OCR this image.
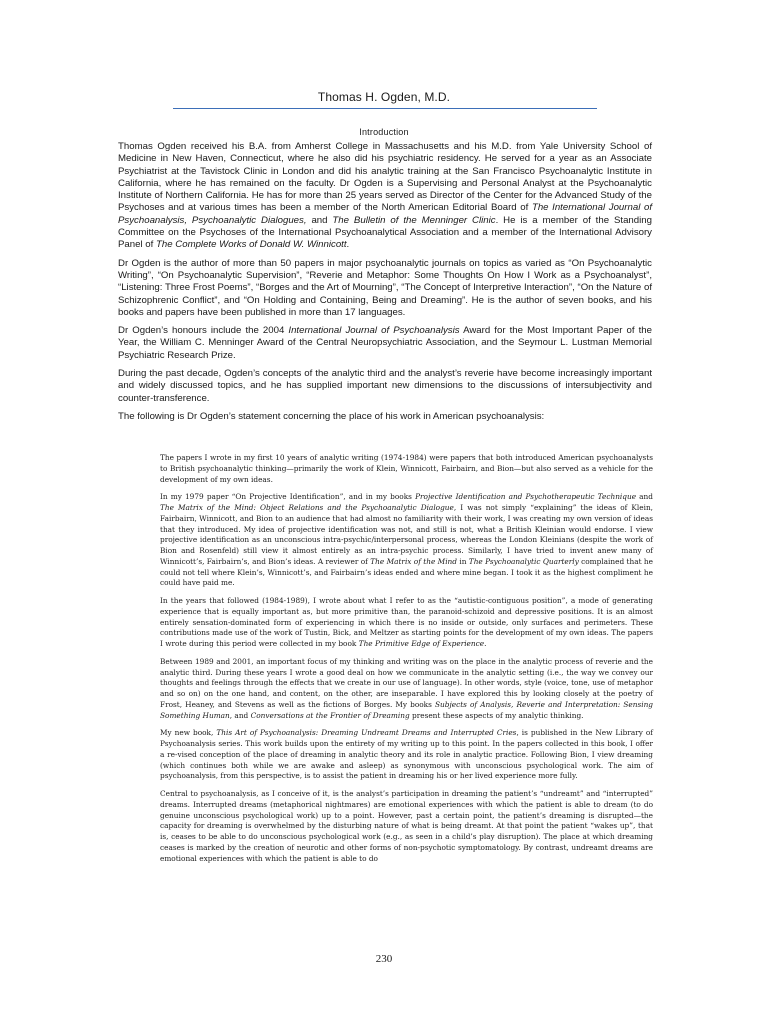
Thomas H. Ogden, M.D.
Introduction

Thomas Ogden received his B.A. from Amherst College in Massachusetts and his M.D. from Yale University School of Medicine in New Haven, Connecticut, where he also did his psychiatric residency. He served for a year as an Associate Psychiatrist at the Tavistock Clinic in London and did his analytic training at the San Francisco Psychoanalytic Institute in California, where he has remained on the faculty. Dr Ogden is a Supervising and Personal Analyst at the Psychoanalytic Institute of Northern California. He has for more than 25 years served as Director of the Center for the Advanced Study of the Psychoses and at various times has been a member of the North American Editorial Board of The International Journal of Psychoanalysis, Psychoanalytic Dialogues, and The Bulletin of the Menninger Clinic. He is a member of the Standing Committee on the Psychoses of the International Psychoanalytical Association and a member of the International Advisory Panel of The Complete Works of Donald W. Winnicott.

Dr Ogden is the author of more than 50 papers in major psychoanalytic journals on topics as varied as “On Psychoanalytic Writing”, “On Psychoanalytic Supervision”, “Reverie and Metaphor: Some Thoughts On How I Work as a Psychoanalyst”, “Listening: Three Frost Poems”, “Borges and the Art of Mourning”, “The Concept of Interpretive Interaction”, “On the Nature of Schizophrenic Conflict”, and “On Holding and Containing, Being and Dreaming”. He is the author of seven books, and his books and papers have been published in more than 17 languages.

Dr Ogden’s honours include the 2004 International Journal of Psychoanalysis Award for the Most Important Paper of the Year, the William C. Menninger Award of the Central Neuropsychiatric Association, and the Seymour L. Lustman Memorial Psychiatric Research Prize.

During the past decade, Ogden’s concepts of the analytic third and the analyst’s reverie have become increasingly important and widely discussed topics, and he has supplied important new dimensions to the discussions of intersubjectivity and counter-transference.

The following is Dr Ogden’s statement concerning the place of his work in American psychoanalysis:

The papers I wrote in my first 10 years of analytic writing (1974-1984) were papers that both introduced American psychoanalysts to British psychoanalytic thinking—primarily the work of Klein, Winnicott, Fairbairn, and Bion—but also served as a vehicle for the development of my own ideas.

In my 1979 paper “On Projective Identification”, and in my books Projective Identification and Psychotherapeutic Technique and The Matrix of the Mind: Object Relations and the Psychoanalytic Dialogue, I was not simply “explaining” the ideas of Klein, Fairbairn, Winnicott, and Bion to an audience that had almost no familiarity with their work, I was creating my own version of ideas that they introduced. My idea of projective identification was not, and still is not, what a British Kleinian would endorse. I view projective identification as an unconscious intra-psychic/interpersonal process, whereas the London Kleinians (despite the work of Bion and Rosenfeld) still view it almost entirely as an intra-psychic process. Similarly, I have tried to invent anew many of Winnicott’s, Fairbairn’s, and Bion’s ideas. A reviewer of The Matrix of the Mind in The Psychoanalytic Quarterly complained that he could not tell where Klein’s, Winnicott’s, and Fairbairn’s ideas ended and where mine began. I took it as the highest compliment he could have paid me.

In the years that followed (1984-1989), I wrote about what I refer to as the “autistic-contiguous position”, a mode of generating experience that is equally important as, but more primitive than, the paranoid-schizoid and depressive positions. It is an almost entirely sensation-dominated form of experiencing in which there is no inside or outside, only surfaces and perimeters. These contributions made use of the work of Tustin, Bick, and Meltzer as starting points for the development of my own ideas. The papers I wrote during this period were collected in my book The Primitive Edge of Experience.

Between 1989 and 2001, an important focus of my thinking and writing was on the place in the analytic process of reverie and the analytic third. During these years I wrote a good deal on how we communicate in the analytic setting (i.e., the way we convey our thoughts and feelings through the effects that we create in our use of language). In other words, style (voice, tone, use of metaphor and so on) on the one hand, and content, on the other, are inseparable. I have explored this by looking closely at the poetry of Frost, Heaney, and Stevens as well as the fictions of Borges. My books Subjects of Analysis, Reverie and Interpretation: Sensing Something Human, and Conversations at the Frontier of Dreaming present these aspects of my analytic thinking.

My new book, This Art of Psychoanalysis: Dreaming Undreamt Dreams and Interrupted Cries, is published in the New Library of Psychoanalysis series. This work builds upon the entirety of my writing up to this point. In the papers collected in this book, I offer a re-vised conception of the place of dreaming in analytic theory and its role in analytic practice. Following Bion, I view dreaming (which continues both while we are awake and asleep) as synonymous with unconscious psychological work. The aim of psychoanalysis, from this perspective, is to assist the patient in dreaming his or her lived experience more fully.

Central to psychoanalysis, as I conceive of it, is the analyst’s participation in dreaming the patient’s “undreamt” and “interrupted” dreams. Interrupted dreams (metaphorical nightmares) are emotional experiences with which the patient is able to dream (to do genuine unconscious psychological work) up to a point. However, past a certain point, the patient’s dreaming is disrupted—the capacity for dreaming is overwhelmed by the disturbing nature of what is being dreamt. At that point the patient “wakes up”, that is, ceases to be able to do unconscious psychological work (e.g., as seen in a child’s play disruption). The place at which dreaming ceases is marked by the creation of neurotic and other forms of non-psychotic symptomatology. By contrast, undreamt dreams are emotional experiences with which the patient is able to do

230
